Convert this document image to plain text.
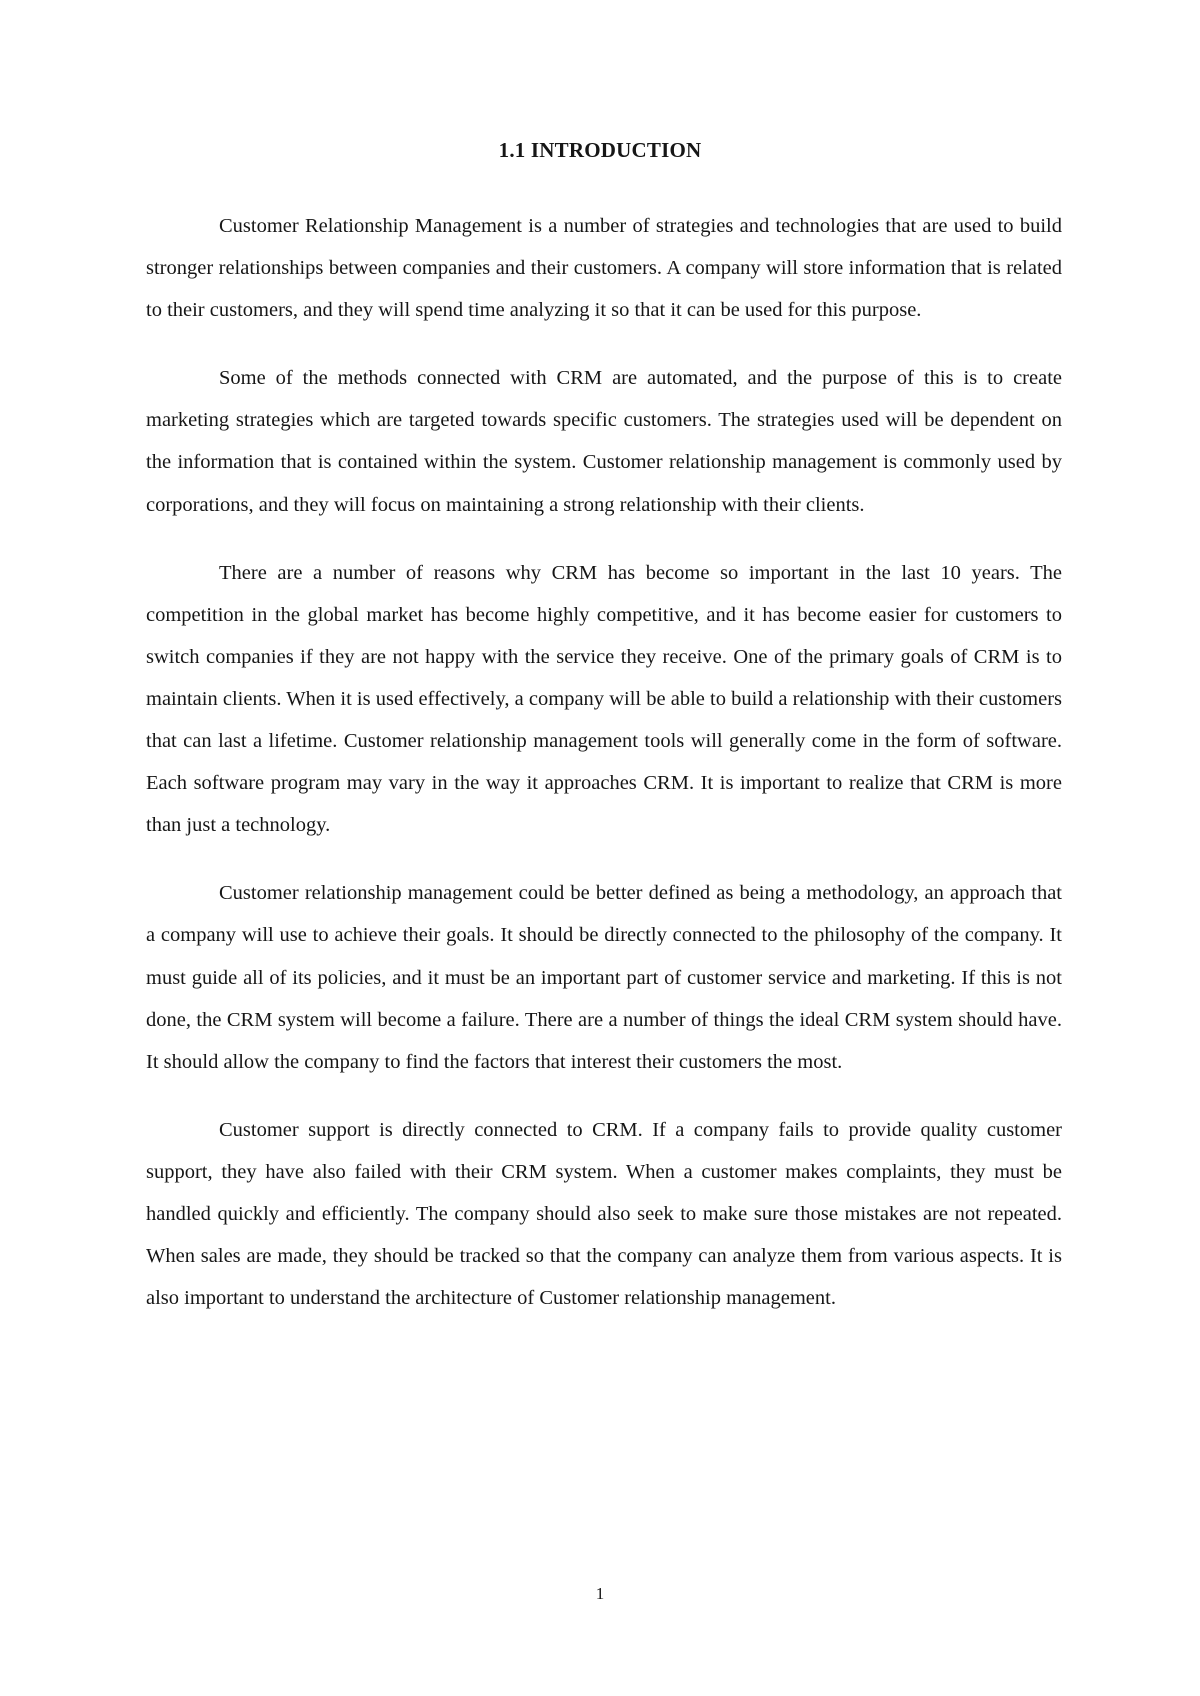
1.1 INTRODUCTION

Customer Relationship Management is a number of strategies and technologies that are used to build stronger relationships between companies and their customers. A company will store information that is related to their customers, and they will spend time analyzing it so that it can be used for this purpose.

Some of the methods connected with CRM are automated, and the purpose of this is to create marketing strategies which are targeted towards specific customers. The strategies used will be dependent on the information that is contained within the system. Customer relationship management is commonly used by corporations, and they will focus on maintaining a strong relationship with their clients.

There are a number of reasons why CRM has become so important in the last 10 years. The competition in the global market has become highly competitive, and it has become easier for customers to switch companies if they are not happy with the service they receive. One of the primary goals of CRM is to maintain clients. When it is used effectively, a company will be able to build a relationship with their customers that can last a lifetime. Customer relationship management tools will generally come in the form of software. Each software program may vary in the way it approaches CRM. It is important to realize that CRM is more than just a technology.

Customer relationship management could be better defined as being a methodology, an approach that a company will use to achieve their goals. It should be directly connected to the philosophy of the company. It must guide all of its policies, and it must be an important part of customer service and marketing. If this is not done, the CRM system will become a failure. There are a number of things the ideal CRM system should have. It should allow the company to find the factors that interest their customers the most.

Customer support is directly connected to CRM. If a company fails to provide quality customer support, they have also failed with their CRM system. When a customer makes complaints, they must be handled quickly and efficiently. The company should also seek to make sure those mistakes are not repeated. When sales are made, they should be tracked so that the company can analyze them from various aspects. It is also important to understand the architecture of Customer relationship management.

1
